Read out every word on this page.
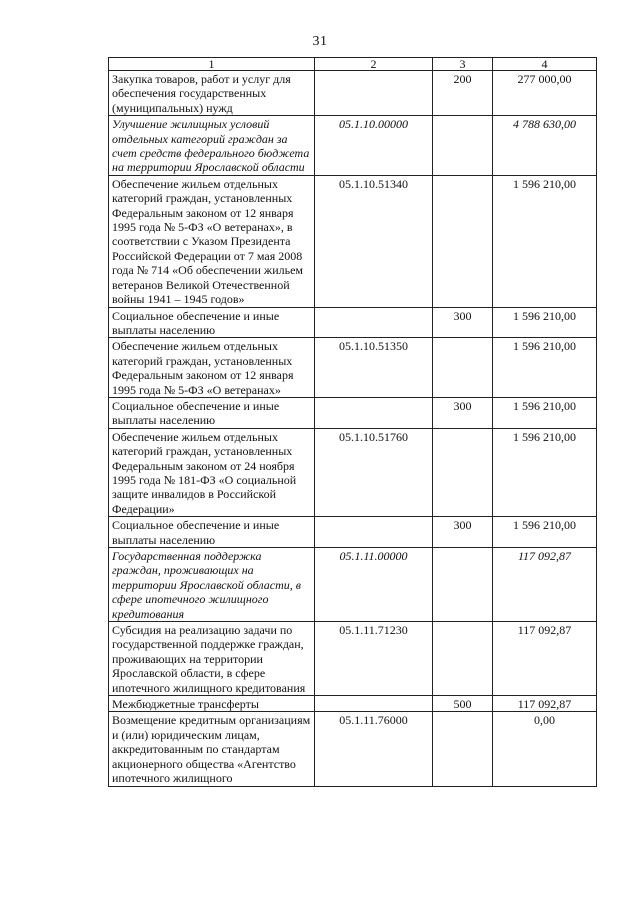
31
1	2	3	4
Закупка товаров, работ и услуг для обеспечения государственных (муниципальных) нужд		200	277 000,00
Улучшение жилищных условий отдельных категорий граждан за счет средств федерального бюджета на территории Ярославской области	05.1.10.00000		4 788 630,00
Обеспечение жильем отдельных категорий граждан, установленных Федеральным законом от 12 января 1995 года № 5-ФЗ «О ветеранах», в соответствии с Указом Президента Российской Федерации от 7 мая 2008 года № 714 «Об обеспечении жильем ветеранов Великой Отечественной войны 1941 – 1945 годов»	05.1.10.51340		1 596 210,00
Социальное обеспечение и иные выплаты населению		300	1 596 210,00
Обеспечение жильем отдельных категорий граждан, установленных Федеральным законом от 12 января 1995 года № 5-ФЗ «О ветеранах»	05.1.10.51350		1 596 210,00
Социальное обеспечение и иные выплаты населению		300	1 596 210,00
Обеспечение жильем отдельных категорий граждан, установленных Федеральным законом от 24 ноября 1995 года № 181-ФЗ «О социальной защите инвалидов в Российской Федерации»	05.1.10.51760		1 596 210,00
Социальное обеспечение и иные выплаты населению		300	1 596 210,00
Государственная поддержка граждан, проживающих на территории Ярославской области, в сфере ипотечного жилищного кредитования	05.1.11.00000		117 092,87
Субсидия на реализацию задачи по государственной поддержке граждан, проживающих на территории Ярославской области, в сфере ипотечного жилищного кредитования	05.1.11.71230		117 092,87
Межбюджетные трансферты		500	117 092,87
Возмещение кредитным организациям и (или) юридическим лицам, аккредитованным по стандартам акционерного общества «Агентство ипотечного жилищного	05.1.11.76000		0,00
